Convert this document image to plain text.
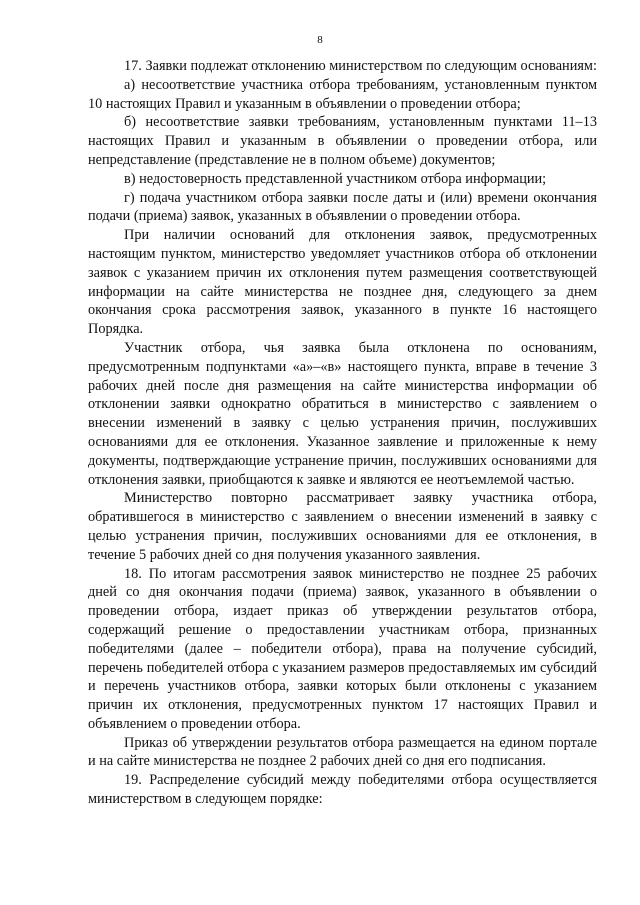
8

17. Заявки подлежат отклонению министерством по следующим основаниям:

а) несоответствие участника отбора требованиям, установленным пунктом 10 настоящих Правил и указанным в объявлении о проведении отбора;

б) несоответствие заявки требованиям, установленным пунктами 11–13 настоящих Правил и указанным в объявлении о проведении отбора, или непредставление (представление не в полном объеме) документов;

в) недостоверность представленной участником отбора информации;

г) подача участником отбора заявки после даты и (или) времени окончания подачи (приема) заявок, указанных в объявлении о проведении отбора.

При наличии оснований для отклонения заявок, предусмотренных настоящим пунктом, министерство уведомляет участников отбора об отклонении заявок с указанием причин их отклонения путем размещения соответствующей информации на сайте министерства не позднее дня, следующего за днем окончания срока рассмотрения заявок, указанного в пункте 16 настоящего Порядка.

Участник отбора, чья заявка была отклонена по основаниям, предусмотренным подпунктами «а»–«в» настоящего пункта, вправе в течение 3 рабочих дней после дня размещения на сайте министерства информации об отклонении заявки однократно обратиться в министерство с заявлением о внесении изменений в заявку с целью устранения причин, послуживших основаниями для ее отклонения. Указанное заявление и приложенные к нему документы, подтверждающие устранение причин, послуживших основаниями для отклонения заявки, приобщаются к заявке и являются ее неотъемлемой частью.

Министерство повторно рассматривает заявку участника отбора, обратившегося в министерство с заявлением о внесении изменений в заявку с целью устранения причин, послуживших основаниями для ее отклонения, в течение 5 рабочих дней со дня получения указанного заявления.

18. По итогам рассмотрения заявок министерство не позднее 25 рабочих дней со дня окончания подачи (приема) заявок, указанного в объявлении о проведении отбора, издает приказ об утверждении результатов отбора, содержащий решение о предоставлении участникам отбора, признанных победителями (далее – победители отбора), права на получение субсидий, перечень победителей отбора с указанием размеров предоставляемых им субсидий и перечень участников отбора, заявки которых были отклонены с указанием причин их отклонения, предусмотренных пунктом 17 настоящих Правил и объявлением о проведении отбора.

Приказ об утверждении результатов отбора размещается на едином портале и на сайте министерства не позднее 2 рабочих дней со дня его подписания.

19. Распределение субсидий между победителями отбора осуществляется министерством в следующем порядке:
